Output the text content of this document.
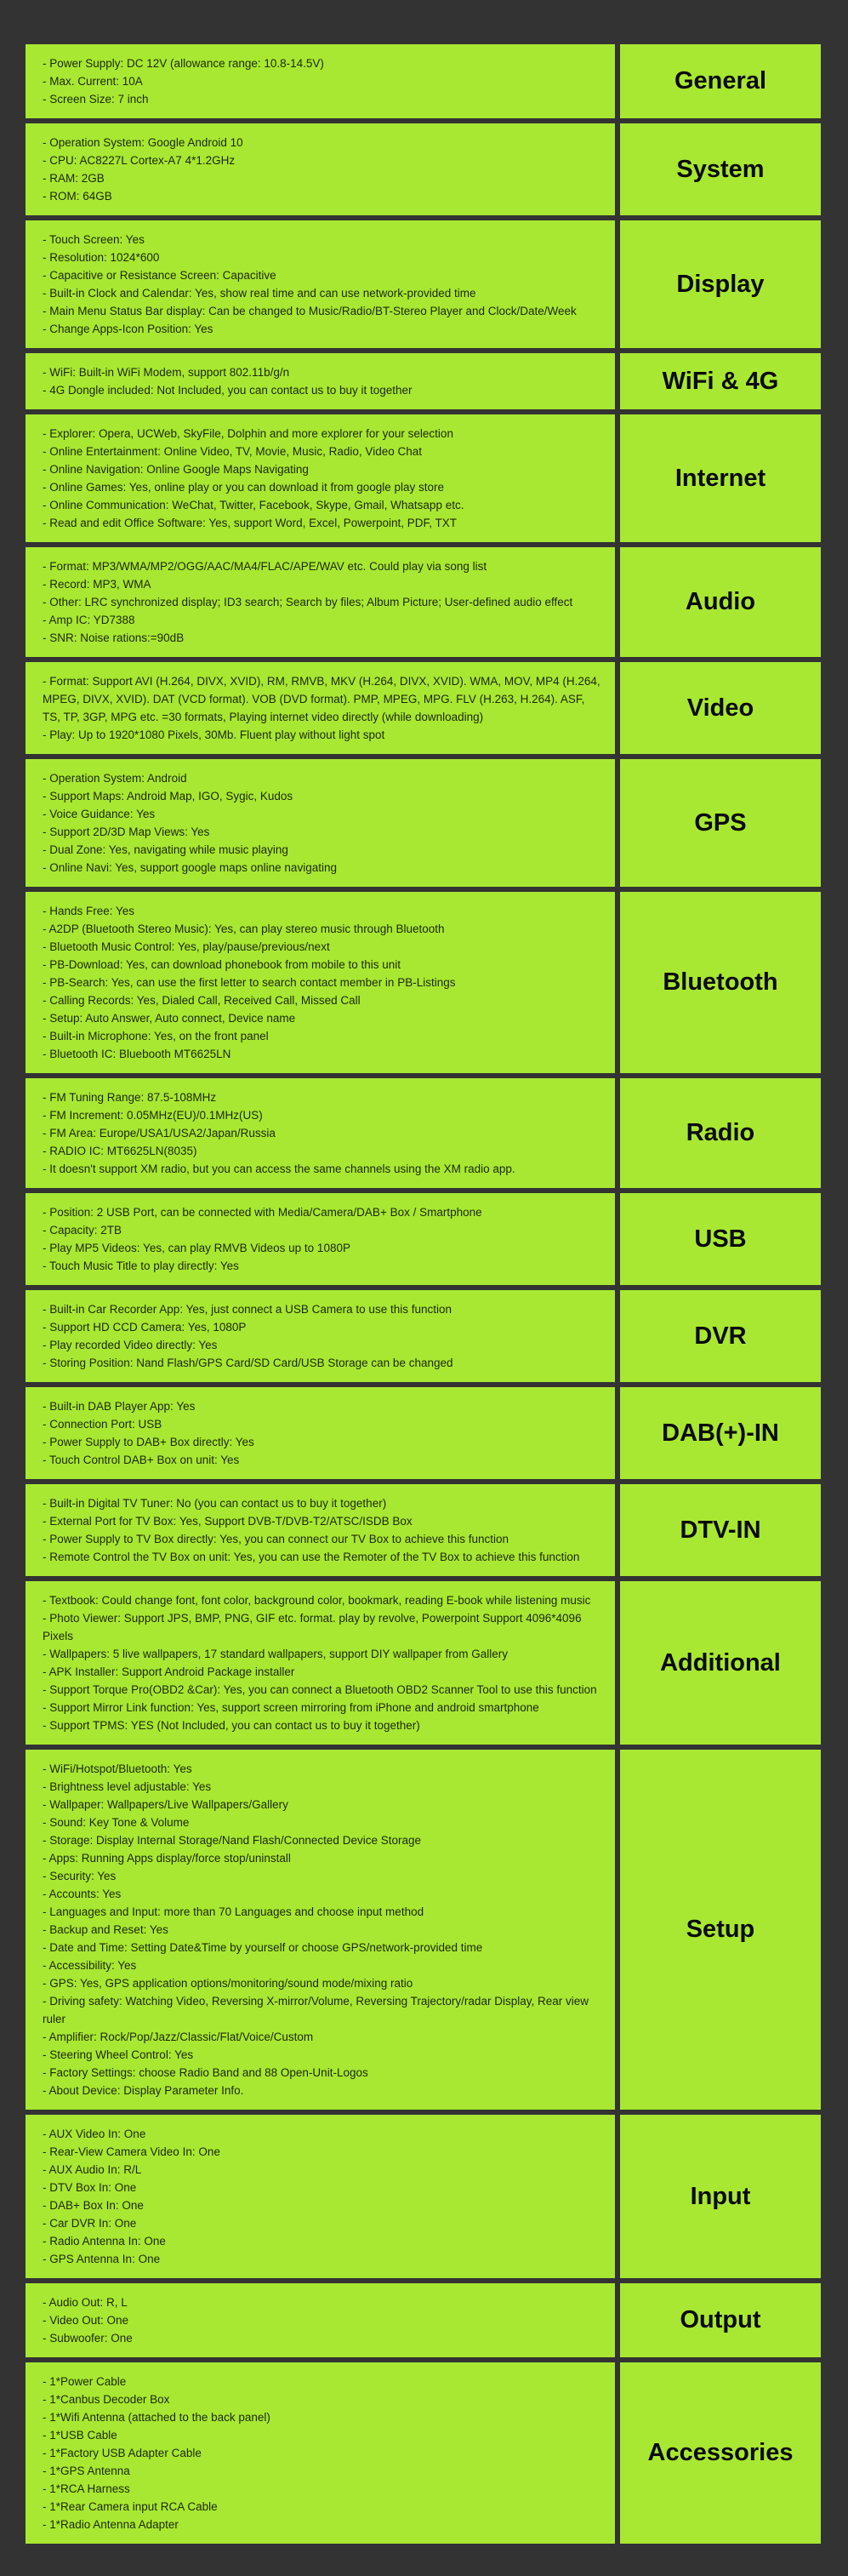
- Power Supply: DC 12V (allowance range: 10.8-14.5V)
- Max. Current: 10A
- Screen Size: 7 inch
General
- Operation System: Google Android 10
- CPU: AC8227L Cortex-A7 4*1.2GHz
- RAM: 2GB
- ROM: 64GB
System
- Touch Screen: Yes
- Resolution: 1024*600
- Capacitive or Resistance Screen: Capacitive
- Built-in Clock and Calendar: Yes, show real time and can use network-provided time
- Main Menu Status Bar display: Can be changed to Music/Radio/BT-Stereo Player and Clock/Date/Week
- Change Apps-Icon Position: Yes
Display
- WiFi: Built-in WiFi Modem, support 802.11b/g/n
- 4G Dongle included: Not Included, you can contact us to buy it together	WiFi & 4G
- Explorer: Opera, UCWeb, SkyFile, Dolphin and more explorer for your selection
- Online Entertainment: Online Video, TV, Movie, Music, Radio, Video Chat
- Online Navigation: Online Google Maps Navigating
- Online Games: Yes, online play or you can download it from google play store
- Online Communication: WeChat, Twitter, Facebook, Skype, Gmail, Whatsapp etc.
- Read and edit Office Software: Yes, support Word, Excel, Powerpoint, PDF, TXT
Internet
- Format: MP3/WMA/MP2/OGG/AAC/MA4/FLAC/APE/WAV etc. Could play via song list
- Record: MP3, WMA
- Other: LRC synchronized display; ID3 search; Search by files; Album Picture; User-defined audio effect
- Amp IC: YD7388
- SNR: Noise rations:=90dB
Audio
- Format: Support AVI (H.264, DIVX, XVID), RM, RMVB, MKV (H.264, DIVX, XVID). WMA, MOV, MP4 (H.264, MPEG, DIVX, XVID). DAT (VCD format). VOB (DVD format). PMP, MPEG, MPG. FLV (H.263, H.264). ASF, TS, TP, 3GP, MPG etc. =30 formats, Playing internet video directly (while downloading)
- Play: Up to 1920*1080 Pixels, 30Mb. Fluent play without light spot
Video
- Operation System: Android
- Support Maps: Android Map, IGO, Sygic, Kudos
- Voice Guidance: Yes
- Support 2D/3D Map Views: Yes
- Dual Zone: Yes, navigating while music playing
- Online Navi: Yes, support google maps online navigating
GPS
- Hands Free: Yes
- A2DP (Bluetooth Stereo Music): Yes, can play stereo music through Bluetooth
- Bluetooth Music Control: Yes, play/pause/previous/next
- PB-Download: Yes, can download phonebook from mobile to this unit
- PB-Search: Yes, can use the first letter to search contact member in PB-Listings
- Calling Records: Yes, Dialed Call, Received Call, Missed Call
- Setup: Auto Answer, Auto connect, Device name
- Built-in Microphone: Yes, on the front panel
- Bluetooth IC: Bluebooth MT6625LN
Bluetooth
- FM Tuning Range: 87.5-108MHz
- FM Increment: 0.05MHz(EU)/0.1MHz(US)
- FM Area: Europe/USA1/USA2/Japan/Russia
- RADIO IC: MT6625LN(8035)
- It doesn't support XM radio, but you can access the same channels using the XM radio app.
Radio
- Position: 2 USB Port, can be connected with Media/Camera/DAB+ Box / Smartphone
- Capacity: 2TB
- Play MP5 Videos: Yes, can play RMVB Videos up to 1080P
- Touch Music Title to play directly: Yes
USB
- Built-in Car Recorder App: Yes, just connect a USB Camera to use this function
- Support HD CCD Camera: Yes, 1080P
- Play recorded Video directly: Yes
- Storing Position: Nand Flash/GPS Card/SD Card/USB Storage can be changed
DVR
- Built-in DAB Player App: Yes
- Connection Port: USB
- Power Supply to DAB+ Box directly: Yes
- Touch Control DAB+ Box on unit: Yes
DAB(+)-IN
- Built-in Digital TV Tuner: No (you can contact us to buy it together)
- External Port for TV Box: Yes, Support DVB-T/DVB-T2/ATSC/ISDB Box
- Power Supply to TV Box directly: Yes, you can connect our TV Box to achieve this function
- Remote Control the TV Box on unit: Yes, you can use the Remoter of the TV Box to achieve this function
DTV-IN
- Textbook: Could change font, font color, background color, bookmark, reading E-book while listening music
- Photo Viewer: Support JPS, BMP, PNG, GIF etc. format. play by revolve, Powerpoint Support 4096*4096 Pixels
- Wallpapers: 5 live wallpapers, 17 standard wallpapers, support DIY wallpaper from Gallery
- APK Installer: Support Android Package installer
- Support Torque Pro(OBD2 &Car): Yes, you can connect a Bluetooth OBD2 Scanner Tool to use this function
- Support Mirror Link function: Yes, support screen mirroring from iPhone and android smartphone
- Support TPMS: YES (Not Included, you can contact us to buy it together)
Additional
- WiFi/Hotspot/Bluetooth: Yes
- Brightness level adjustable: Yes
- Wallpaper: Wallpapers/Live Wallpapers/Gallery
- Sound: Key Tone & Volume
- Storage: Display Internal Storage/Nand Flash/Connected Device Storage
- Apps: Running Apps display/force stop/uninstall
- Security: Yes
- Accounts: Yes
- Languages and Input: more than 70 Languages and choose input method
- Backup and Reset: Yes
- Date and Time: Setting Date&Time by yourself or choose GPS/network-provided time
- Accessibility: Yes
- GPS: Yes, GPS application options/monitoring/sound mode/mixing ratio
- Driving safety: Watching Video, Reversing X-mirror/Volume, Reversing Trajectory/radar Display, Rear view ruler
- Amplifier: Rock/Pop/Jazz/Classic/Flat/Voice/Custom
- Steering Wheel Control: Yes
- Factory Settings: choose Radio Band and 88 Open-Unit-Logos
- About Device: Display Parameter Info.
Setup
- AUX Video In: One
- Rear-View Camera Video In: One
- AUX Audio In: R/L
- DTV Box In: One
- DAB+ Box In: One
- Car DVR In: One
- Radio Antenna In: One
- GPS Antenna In: One
Input
- Audio Out: R, L
- Video Out: One
- Subwoofer: One
Output
- 1*Power Cable
- 1*Canbus Decoder Box
- 1*Wifi Antenna (attached to the back panel)
- 1*USB Cable
- 1*Factory USB Adapter Cable
- 1*GPS Antenna
- 1*RCA Harness
- 1*Rear Camera input RCA Cable
- 1*Radio Antenna Adapter
Accessories
